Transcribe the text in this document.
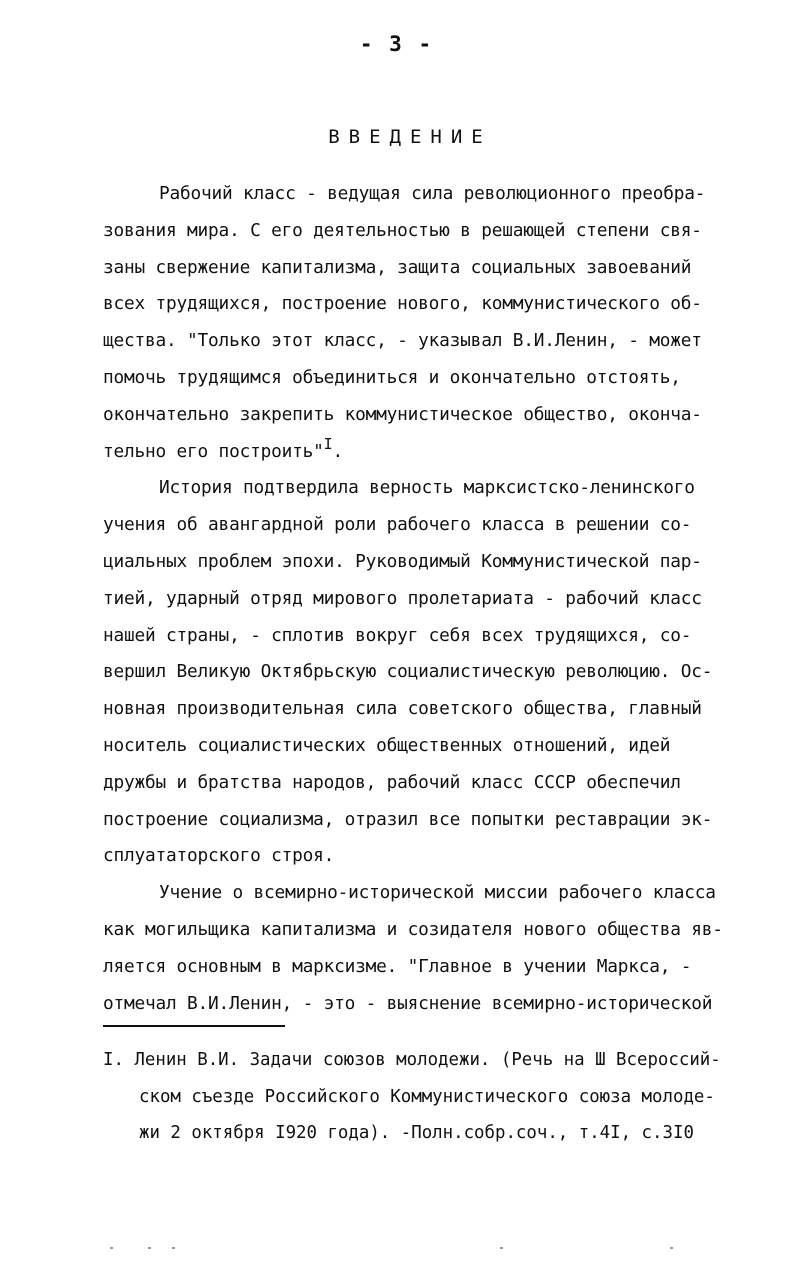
- 3 -
ВВЕДЕНИЕ
Рабочий класс - ведущая сила революционного преобра-
зования мира. С его деятельностью в решающей степени свя-
заны свержение капитализма, защита социальных завоеваний
всех трудящихся, построение нового, коммунистического об-
щества. "Только этот класс, - указывал В.И.Ленин, - может
помочь трудящимся объединиться и окончательно отстоять,
окончательно закрепить коммунистическое общество, оконча-
тельно его построить"$^I$.
История подтвердила верность марксистско-ленинского
учения об авангардной роли рабочего класса в решении со-
циальных проблем эпохи. Руководимый Коммунистической пар-
тией, ударный отряд мирового пролетариата - рабочий класс
нашей страны, - сплотив вокруг себя всех трудящихся, со-
вершил Великую Октябрьскую социалистическую революцию. Ос-
новная производительная сила советского общества, главный
носитель социалистических общественных отношений, идей
дружбы и братства народов, рабочий класс СССР обеспечил
построение социализма, отразил все попытки реставрации эк-
сплуататорского строя.
Учение о всемирно-исторической миссии рабочего класса
как могильщика капитализма и созидателя нового общества яв-
ляется основным в марксизме. "Главное в учении Маркса, -
отмечал В.И.Ленин, - это - выяснение всемирно-исторической
I. Ленин В.И. Задачи союзов молодежи. (Речь на Ш Всероссий-
ском съезде Российского Коммунистического союза молоде-
жи 2 октября I920 года). -Полн.собр.соч., т.4I, с.3I0
